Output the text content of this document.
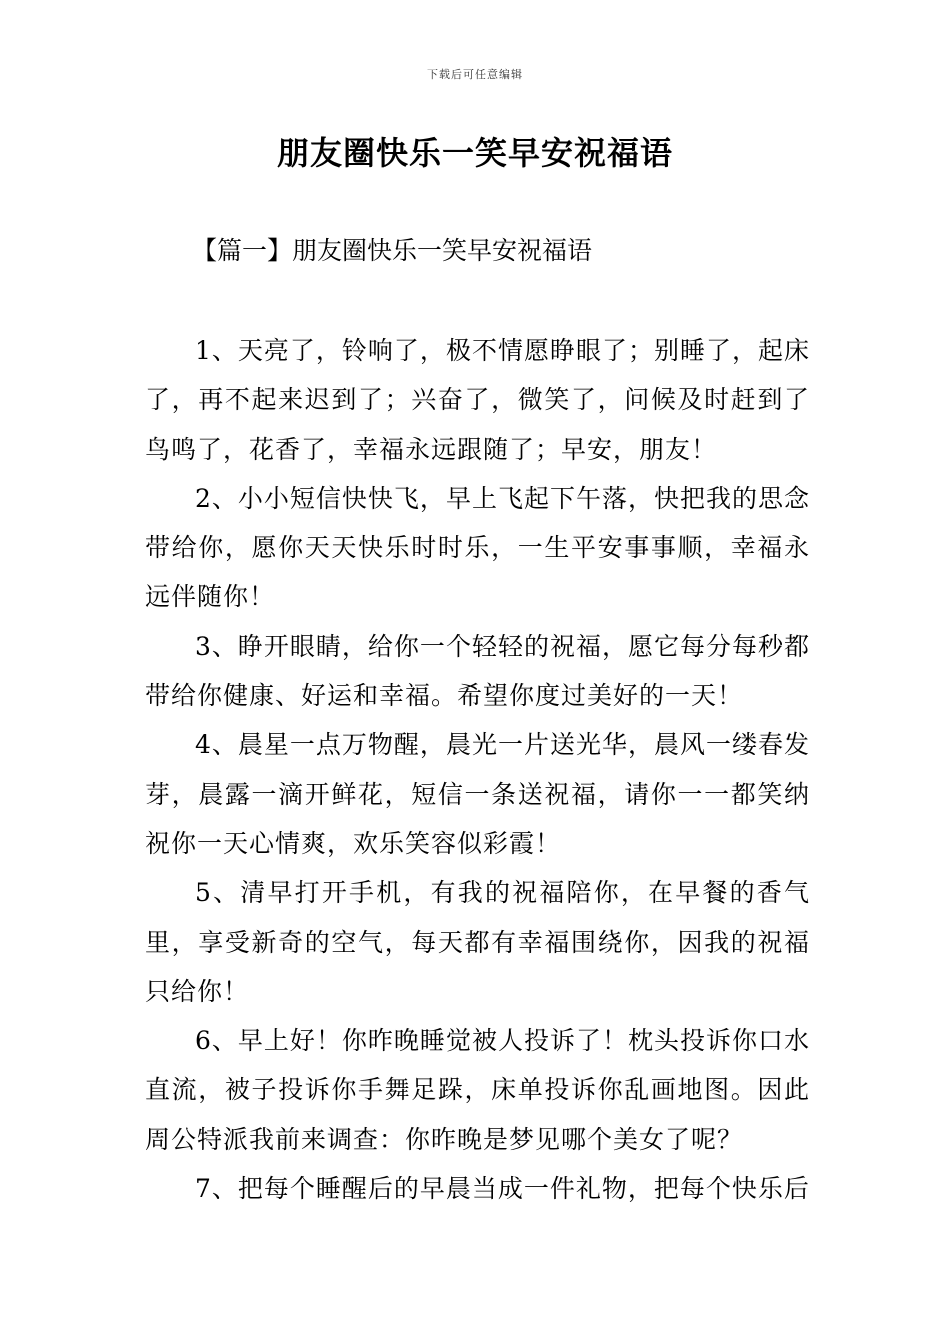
下载后可任意编辑
朋友圈快乐一笑早安祝福语
【篇一】朋友圈快乐一笑早安祝福语

1、天亮了，铃响了，极不情愿睁眼了；别睡了，起床了，再不起来迟到了；兴奋了，微笑了，问候及时赶到了鸟鸣了，花香了，幸福永远跟随了；早安，朋友！

2、小小短信快快飞，早上飞起下午落，快把我的思念带给你，愿你天天快乐时时乐，一生平安事事顺，幸福永远伴随你！

3、睁开眼睛，给你一个轻轻的祝福，愿它每分每秒都带给你健康、好运和幸福。希望你度过美好的一天！

4、晨星一点万物醒，晨光一片送光华，晨风一缕春发芽，晨露一滴开鲜花，短信一条送祝福，请你一一都笑纳祝你一天心情爽，欢乐笑容似彩霞！

5、清早打开手机，有我的祝福陪你，在早餐的香气里，享受新奇的空气，每天都有幸福围绕你，因我的祝福只给你！

6、早上好！你昨晚睡觉被人投诉了！枕头投诉你口水直流，被子投诉你手舞足跺，床单投诉你乱画地图。因此周公特派我前来调查：你昨晚是梦见哪个美女了呢？

7、把每个睡醒后的早晨当成一件礼物，把每个快乐后
